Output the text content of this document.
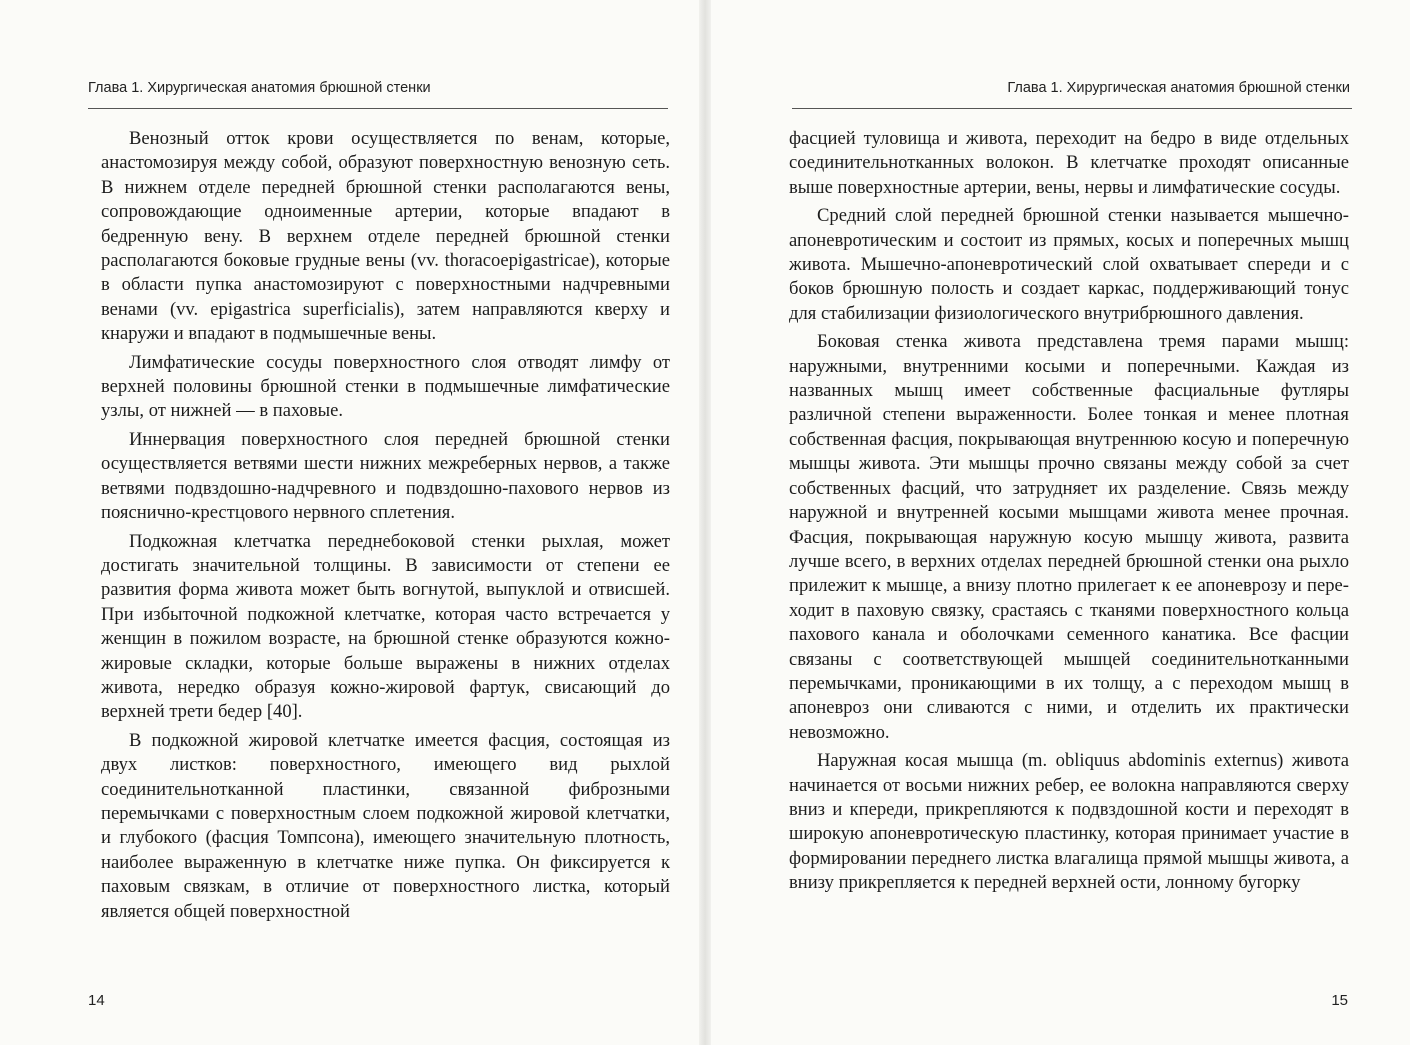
Глава 1. Хирургическая анатомия брюшной стенки

Венозный отток крови осуществляется по венам, которые, анастомозируя между собой, образуют поверхностную венозную сеть. В нижнем отделе передней брюшной стенки располагаются вены, сопровождающие одноименные артерии, которые впадают в бедренную вену. В верхнем отделе передней брюшной стенки располагаются боковые грудные вены (vv. thoracoepigastricae), которые в области пупка анастомозируют с поверхностными надчревными венами (vv. epigastrica superficialis), затем направляются кверху и кнаружи и впадают в подмышечные вены.

Лимфатические сосуды поверхностного слоя отводят лимфу от верхней половины брюшной стенки в подмышечные лимфатические узлы, от нижней — в паховые.

Иннервация поверхностного слоя передней брюшной стенки осуществляется ветвями шести нижних межреберных нервов, а также ветвями подвздошно-надчревного и подвздошно-пахового нервов из пояснично-крестцового нервного сплетения.

Подкожная клетчатка переднебоковой стенки рыхлая, может достигать значительной толщины. В зависимости от степени ее развития форма живота может быть вогнутой, выпуклой и отвисшей. При избыточной подкожной клетчатке, которая часто встречается у женщин в пожилом возрасте, на брюшной стенке образуются кожно-жировые складки, которые больше выражены в нижних отделах живота, нередко образуя кожно-жировой фартук, свисающий до верхней трети бедер [40].

В подкожной жировой клетчатке имеется фасция, состоящая из двух листков: поверхностного, имеющего вид рыхлой соединительнотканной пластинки, связанной фиброзными перемычками с поверхностным слоем подкожной жировой клетчатки, и глубокого (фасция Томпсона), имеющего значительную плотность, наиболее выраженную в клетчатке ниже пупка. Он фиксируется к паховым связкам, в отличие от поверхностного листка, который является общей поверхностной

14
Глава 1. Хирургическая анатомия брюшной стенки

фасцией туловища и живота, переходит на бедро в виде отдельных соединительнотканных волокон. В клетчатке проходят описанные выше поверхностные артерии, вены, нервы и лимфатические сосуды.

Средний слой передней брюшной стенки называется мышечно-апоневротическим и состоит из прямых, косых и поперечных мышц живота. Мышечно-апоневротический слой охватывает спереди и с боков брюшную полость и создает каркас, поддерживающий тонус для стабилизации физиологического внутрибрюшного давления.

Боковая стенка живота представлена тремя парами мышц: наружными, внутренними косыми и поперечными. Каждая из названных мышц имеет собственные фасциальные футляры различной степени выраженности. Более тонкая и менее плотная собственная фасция, покрывающая внутреннюю косую и поперечную мышцы живота. Эти мышцы прочно связаны между собой за счет собственных фасций, что затрудняет их разделение. Связь между наружной и внутренней косыми мышцами живота менее прочная. Фасция, покрывающая наружную косую мышцу живота, развита лучше всего, в верхних отделах передней брюшной стенки она рыхло прилежит к мышце, а внизу плотно прилегает к ее апоневрозу и переходит в паховую связку, срастаясь с тканями поверхностного кольца пахового канала и оболочками семенного канатика. Все фасции связаны с соответствующей мышцей соединительнотканными перемычками, проникающими в их толщу, а с переходом мышц в апоневроз они сливаются с ними, и отделить их практически невозможно.

Наружная косая мышца (m. obliquus abdominis externus) живота начинается от восьми нижних ребер, ее волокна направляются сверху вниз и кпереди, прикрепляются к подвздошной кости и переходят в широкую апоневротическую пластинку, которая принимает участие в формировании переднего листка влагалища прямой мышцы живота, а внизу прикрепляется к передней верхней ости, лонному бугорку

15
